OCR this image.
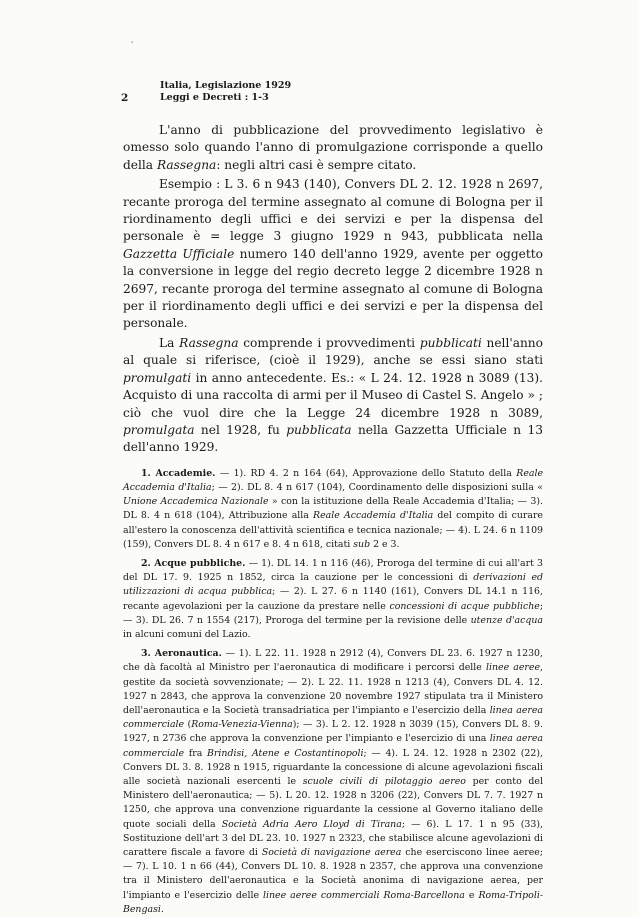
'
2
Italia, Legislazione 1929
Leggi e Decreti : 1-3

L'anno di pubblicazione del provvedimento legislativo è omesso solo quando l'anno di promulgazione corrisponde a quello della Rassegna: negli altri casi è sempre citato.

Esempio : L 3. 6 n 943 (140), Convers DL 2. 12. 1928 n 2697, recante proroga del termine assegnato al comune di Bologna per il riordinamento degli uffici e dei servizi e per la dispensa del personale è = legge 3 giugno 1929 n 943, pubblicata nella Gazzetta Ufficiale numero 140 dell'anno 1929, avente per oggetto la conversione in legge del regio decreto legge 2 dicembre 1928 n 2697, recante proroga del termine assegnato al comune di Bologna per il riordinamento degli uffici e dei servizi e per la dispensa del personale.

La Rassegna comprende i provvedimenti pubblicati nell'anno al quale si riferisce, (cioè il 1929), anche se essi siano stati promulgati in anno antecedente. Es.: « L 24. 12. 1928 n 3089 (13). Acquisto di una raccolta di armi per il Museo di Castel S. Angelo » ; ciò che vuol dire che la Legge 24 dicembre 1928 n 3089, promulgata nel 1928, fu pubblicata nella Gazzetta Ufficiale n 13 dell'anno 1929.

1. Accademie. — 1). RD 4. 2 n 164 (64), Approvazione dello Statuto della Reale Accademia d'Italia; — 2). DL 8. 4 n 617 (104), Coordinamento delle disposizioni sulla « Unione Accademica Nazionale » con la istituzione della Reale Accademia d'Italia; — 3). DL 8. 4 n 618 (104), Attribuzione alla Reale Accademia d'Italia del compito di curare all'estero la conoscenza dell'attività scientifica e tecnica nazionale; — 4). L 24. 6 n 1109 (159), Convers DL 8. 4 n 617 e 8. 4 n 618, citati sub 2 e 3.

2. Acque pubbliche. — 1). DL 14. 1 n 116 (46), Proroga del termine di cui all'art 3 del DL 17. 9. 1925 n 1852, circa la cauzione per le concessioni di derivazioni ed utilizzazioni di acqua pubblica; — 2). L 27. 6 n 1140 (161), Convers DL 14.1 n 116, recante agevolazioni per la cauzione da prestare nelle concessioni di acque pubbliche; — 3). DL 26. 7 n 1554 (217), Proroga del termine per la revisione delle utenze d'acqua in alcuni comuni del Lazio.

3. Aeronautica. — 1). L 22. 11. 1928 n 2912 (4), Convers DL 23. 6. 1927 n 1230, che dà facoltà al Ministro per l'aeronautica di modificare i percorsi delle linee aeree, gestite da società sovvenzionate; — 2). L 22. 11. 1928 n 1213 (4), Convers DL 4. 12. 1927 n 2843, che approva la convenzione 20 novembre 1927 stipulata tra il Ministero dell'aeronautica e la Società transadriatica per l'impianto e l'esercizio della linea aerea commerciale (Roma-Venezia-Vienna); — 3). L 2. 12. 1928 n 3039 (15), Convers DL 8. 9. 1927, n 2736 che approva la convenzione per l'impianto e l'esercizio di una linea aerea commerciale fra Brindisi, Atene e Costantinopoli; — 4). L 24. 12. 1928 n 2302 (22), Convers DL 3. 8. 1928 n 1915, riguardante la concessione di alcune agevolazioni fiscali alle società nazionali esercenti le scuole civili di pilotaggio aereo per conto del Ministero dell'aeronautica; — 5). L 20. 12. 1928 n 3206 (22), Convers DL 7. 7. 1927 n 1250, che approva una convenzione riguardante la cessione al Governo italiano delle quote sociali della Società Adria Aero Lloyd di Tirana; — 6). L 17. 1 n 95 (33), Sostituzione dell'art 3 del DL 23. 10. 1927 n 2323, che stabilisce alcune agevolazioni di carattere fiscale a favore di Società di navigazione aerea che eserciscono linee aeree; — 7). L 10. 1 n 66 (44), Convers DL 10. 8. 1928 n 2357, che approva una convenzione tra il Ministero dell'aeronautica e la Società anonima di navigazione aerea, per l'impianto e l'esercizio delle linee aeree commerciali Roma-Barcellona e Roma-Tripoli-Bengasi.
